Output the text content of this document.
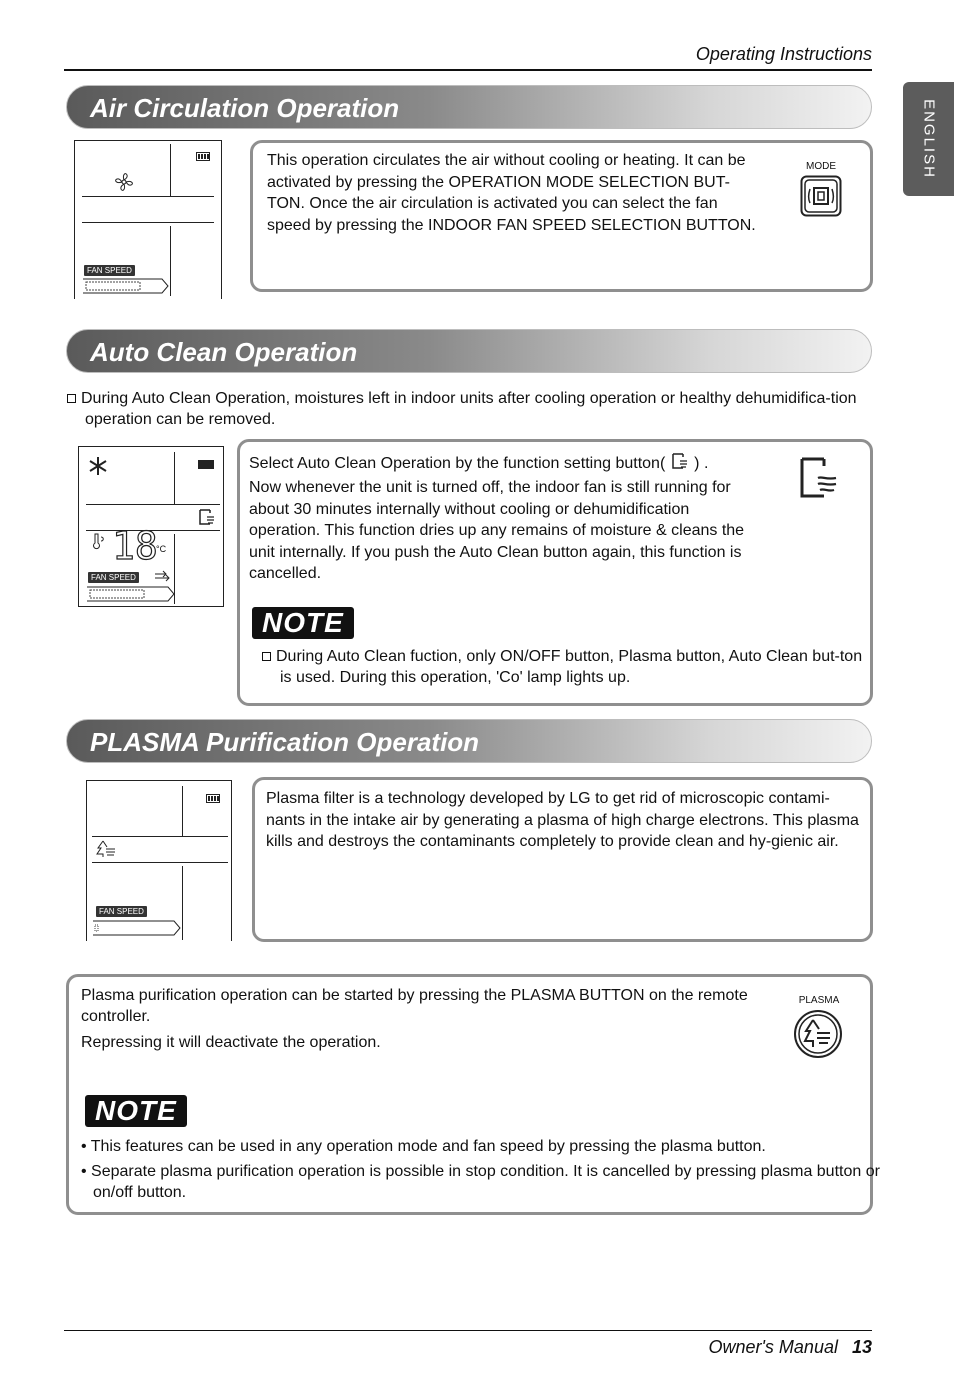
Operating Instructions
ENGLISH
Air Circulation Operation
FAN SPEED
This operation circulates the air without cooling or heating. It can be activated by pressing the OPERATION MODE SELECTION BUT-TON. Once the air circulation is activated you can select the fan speed by pressing the INDOOR FAN SPEED SELECTION BUTTON.
MODE
Auto Clean Operation
During Auto Clean Operation, moistures left in indoor units after cooling operation or healthy dehumidifica-tion operation can be removed.
18
°C
FAN SPEED
Select Auto Clean Operation by the function setting button( ) .
Now whenever the unit is turned off, the indoor fan is still running for about 30 minutes internally without cooling or dehumidification operation. This function dries up any remains of moisture & cleans the unit internally. If you push the Auto Clean button again, this function is cancelled.
NOTE
During Auto Clean fuction, only ON/OFF button, Plasma button, Auto Clean but-ton is used. During this operation, 'Co' lamp lights up.
PLASMA Purification Operation
FAN SPEED
Plasma filter is a technology developed by LG to get rid of microscopic contami-nants in the intake air by generating a plasma of high charge electrons. This plasma kills and destroys the contaminants completely to provide clean and hy-gienic air.
Plasma purification operation can be started by pressing the PLASMA BUTTON on the remote controller.
Repressing it will deactivate the operation.
PLASMA
NOTE
• This features can be used in any operation mode and fan speed by pressing the plasma button.
• Separate plasma purification operation is possible in stop condition. It is cancelled by pressing plasma button or on/off button.
Owner's Manual 13
